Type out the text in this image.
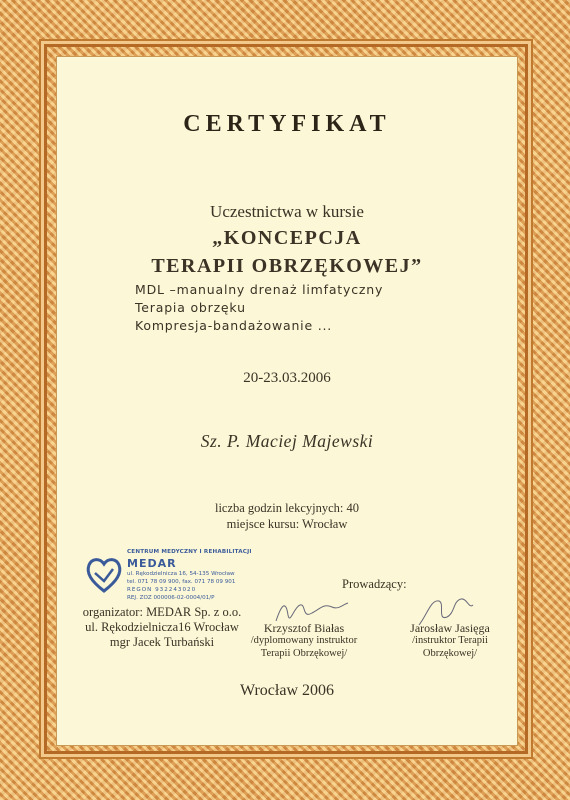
CERTYFIKAT
Uczestnictwa w kursie
„KONCEPCJA
TERAPII OBRZĘKOWEJ”
MDL –manualny drenaż limfatyczny
Terapia obrzęku
Kompresja-bandażowanie ...
20-23.03.2006
Sz. P. Maciej Majewski
liczba godzin lekcyjnych: 40
miejsce kursu: Wrocław
CENTRUM MEDYCZNY I REHABILITACJI
MEDAR
ul. Rękodzielnicza 16, 54-135 Wrocław
tel. 071 78 09 900, fax. 071 78 09 901
REGON 932243020
REJ. ZOZ 000006-02-0004/01/P
organizator: MEDAR Sp. z o.o.
ul. Rękodzielnicza16 Wrocław
mgr Jacek Turbański
Prowadzący:
Krzysztof Białas
/dyplomowany instruktor
Terapii Obrzękowej/
Jarosław Jasięga
/instruktor Terapii
Obrzękowej/
Wrocław 2006
